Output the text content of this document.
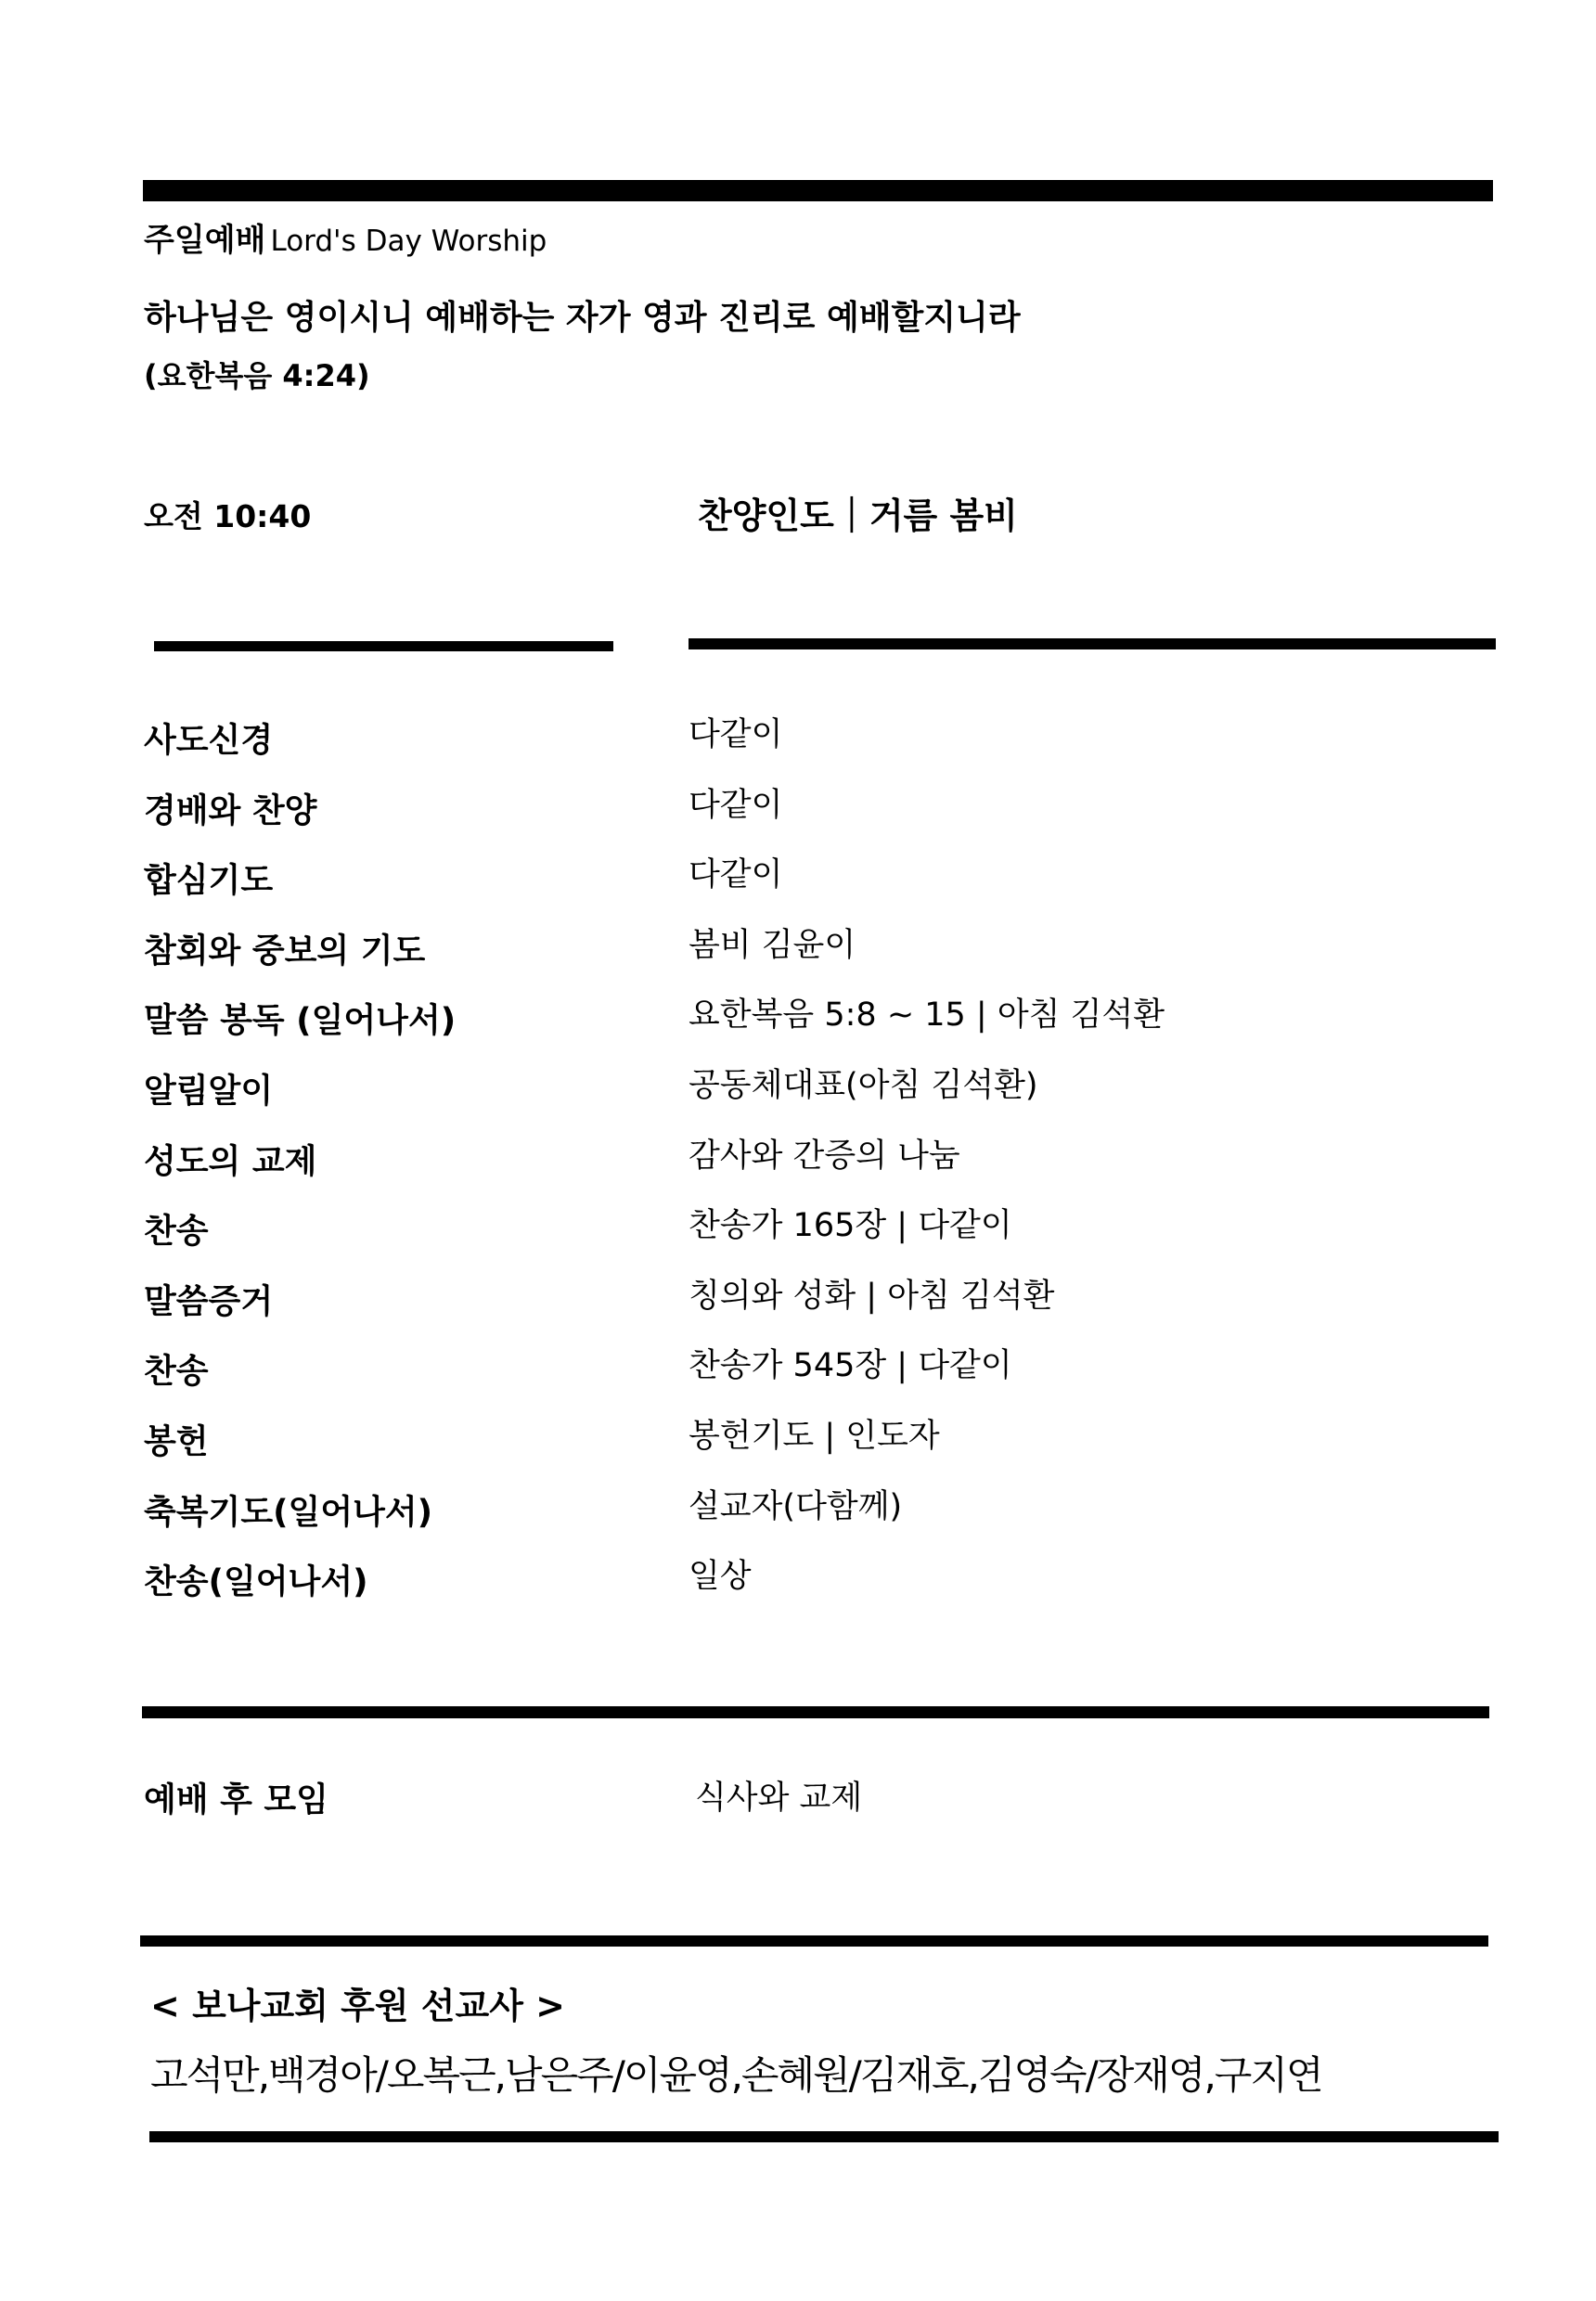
주일예배 Lord's Day Worship
하나님은 영이시니 예배하는 자가 영과 진리로 예배할지니라
(요한복음 4:24)
오전 10:40	찬양인도｜거름 봄비
사도신경	다같이
경배와 찬양	다같이
합심기도	다같이
참회와 중보의 기도	봄비 김윤이
말씀 봉독 (일어나서)	요한복음 5:8 ~ 15 | 아침 김석환
알림알이	공동체대표(아침 김석환)
성도의 교제	감사와 간증의 나눔
찬송	찬송가 165장 | 다같이
말씀증거	칭의와 성화 | 아침 김석환
찬송	찬송가 545장 | 다같이
봉헌	봉헌기도 | 인도자
축복기도(일어나서)	설교자(다함께)
찬송(일어나서)	일상
예배 후 모임	식사와 교제
< 보나교회 후원 선교사 >
고석만,백경아/오복근,남은주/이윤영,손혜원/김재호,김영숙/장재영,구지연
